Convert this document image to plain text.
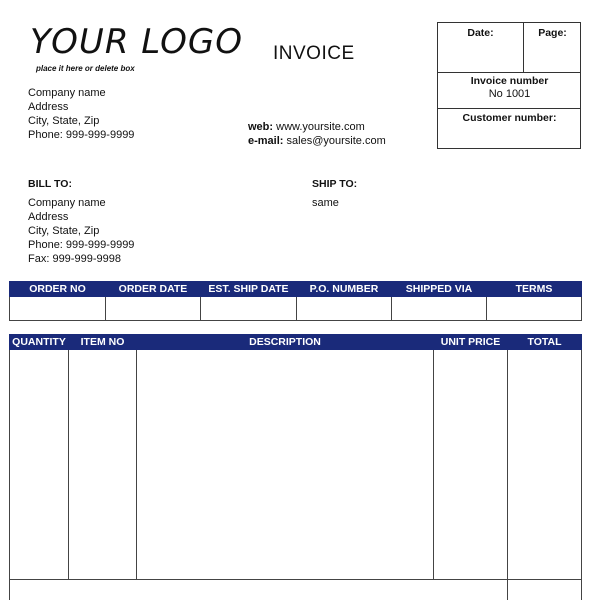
YOUR LOGO
place it here or delete box
INVOICE
Company name
Address
City, State, Zip
Phone: 999-999-9999
web: www.yoursite.com
e-mail: sales@yoursite.com
Date:	Page:
Invoice number
No 1001
Customer number:
BILL TO:
Company name
Address
City, State, Zip
Phone: 999-999-9999
Fax: 999-999-9998
SHIP TO:
same
ORDER NO	ORDER DATE	EST. SHIP DATE	P.O. NUMBER	SHIPPED VIA	TERMS

QUANTITY	ITEM NO	DESCRIPTION	UNIT PRICE	TOTAL
